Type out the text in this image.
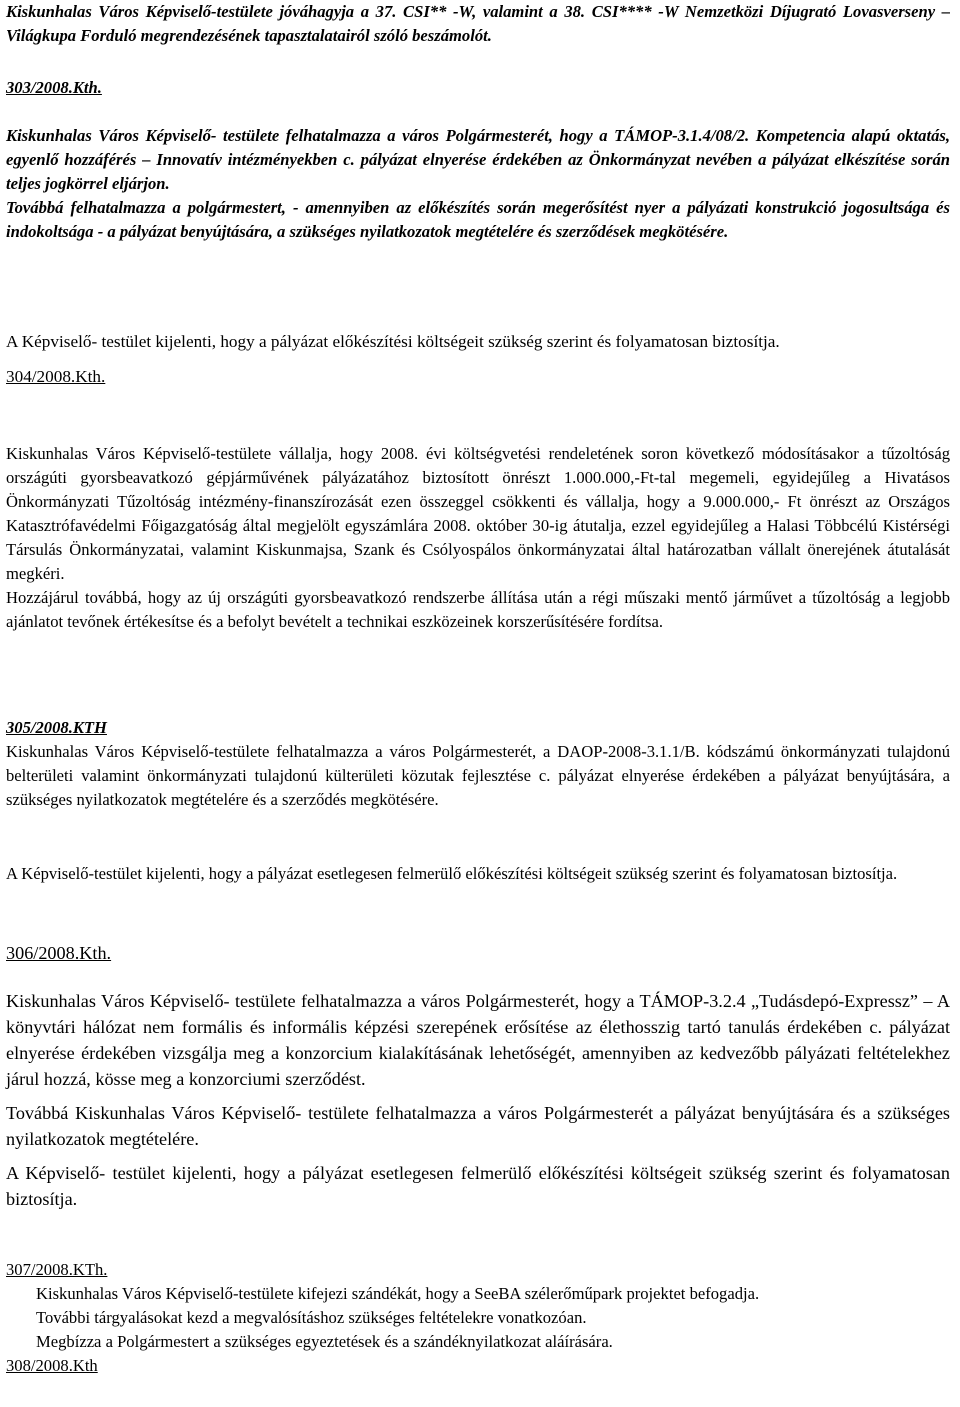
Kiskunhalas Város Képviselő-testülete jóváhagyja a 37. CSI** -W, valamint a 38. CSI**** -W Nemzetközi Díjugrató Lovasverseny – Világkupa Forduló megrendezésének tapasztalatairól szóló beszámolót.

303/2008.Kth.

Kiskunhalas Város Képviselő- testülete felhatalmazza a város Polgármesterét, hogy a TÁMOP-3.1.4/08/2. Kompetencia alapú oktatás, egyenlő hozzáférés – Innovatív intézményekben c. pályázat elnyerése érdekében az Önkormányzat nevében a pályázat elkészítése során teljes jogkörrel eljárjon.

Továbbá felhatalmazza a polgármestert, - amennyiben az előkészítés során megerősítést nyer a pályázati konstrukció jogosultsága és indokoltsága - a pályázat benyújtására, a szükséges nyilatkozatok megtételére és szerződések megkötésére.

A Képviselő- testület kijelenti, hogy a pályázat előkészítési költségeit szükség szerint és folyamatosan biztosítja.

304/2008.Kth.

Kiskunhalas Város Képviselő-testülete vállalja, hogy 2008. évi költségvetési rendeletének soron következő módosításakor a tűzoltóság országúti gyorsbeavatkozó gépjárművének pályázatához biztosított önrészt 1.000.000,-Ft-tal megemeli, egyidejűleg a Hivatásos Önkormányzati Tűzoltóság intézmény-finanszírozását ezen összeggel csökkenti és vállalja, hogy a 9.000.000,- Ft önrészt az Országos Katasztrófavédelmi Főigazgatóság által megjelölt egyszámlára 2008. október 30-ig átutalja, ezzel egyidejűleg a Halasi Többcélú Kistérségi Társulás Önkormányzatai, valamint Kiskunmajsa, Szank és Csólyospálos önkormányzatai által határozatban vállalt önerejének átutalását megkéri.

Hozzájárul továbbá, hogy az új országúti gyorsbeavatkozó rendszerbe állítása után a régi műszaki mentő járművet a tűzoltóság a legjobb ajánlatot tevőnek értékesítse és a befolyt bevételt a technikai eszközeinek korszerűsítésére fordítsa.

305/2008.KTH

Kiskunhalas Város Képviselő-testülete felhatalmazza a város Polgármesterét, a DAOP-2008-3.1.1/B. kódszámú önkormányzati tulajdonú belterületi valamint önkormányzati tulajdonú külterületi közutak fejlesztése c. pályázat elnyerése érdekében a pályázat benyújtására, a szükséges nyilatkozatok megtételére és a szerződés megkötésére.

A Képviselő-testület kijelenti, hogy a pályázat esetlegesen felmerülő előkészítési költségeit szükség szerint és folyamatosan biztosítja.

306/2008.Kth.

Kiskunhalas Város Képviselő- testülete felhatalmazza a város Polgármesterét, hogy a TÁMOP-3.2.4 „Tudásdepó-Expressz” – A könyvtári hálózat nem formális és informális képzési szerepének erősítése az élethosszig tartó tanulás érdekében c. pályázat elnyerése érdekében vizsgálja meg a konzorcium kialakításának lehetőségét, amennyiben az kedvezőbb pályázati feltételekhez járul hozzá, kösse meg a konzorciumi szerződést.

Továbbá Kiskunhalas Város Képviselő- testülete felhatalmazza a város Polgármesterét a pályázat benyújtására és a szükséges nyilatkozatok megtételére.

A Képviselő- testület kijelenti, hogy a pályázat esetlegesen felmerülő előkészítési költségeit szükség szerint és folyamatosan biztosítja.

307/2008.KTh.

Kiskunhalas Város Képviselő-testülete kifejezi szándékát, hogy a SeeBA szélerőműpark projektet befogadja.

További tárgyalásokat kezd a megvalósításhoz szükséges feltételekre vonatkozóan.

Megbízza a Polgármestert a szükséges egyeztetések és a szándéknyilatkozat aláírására.

308/2008.Kth
